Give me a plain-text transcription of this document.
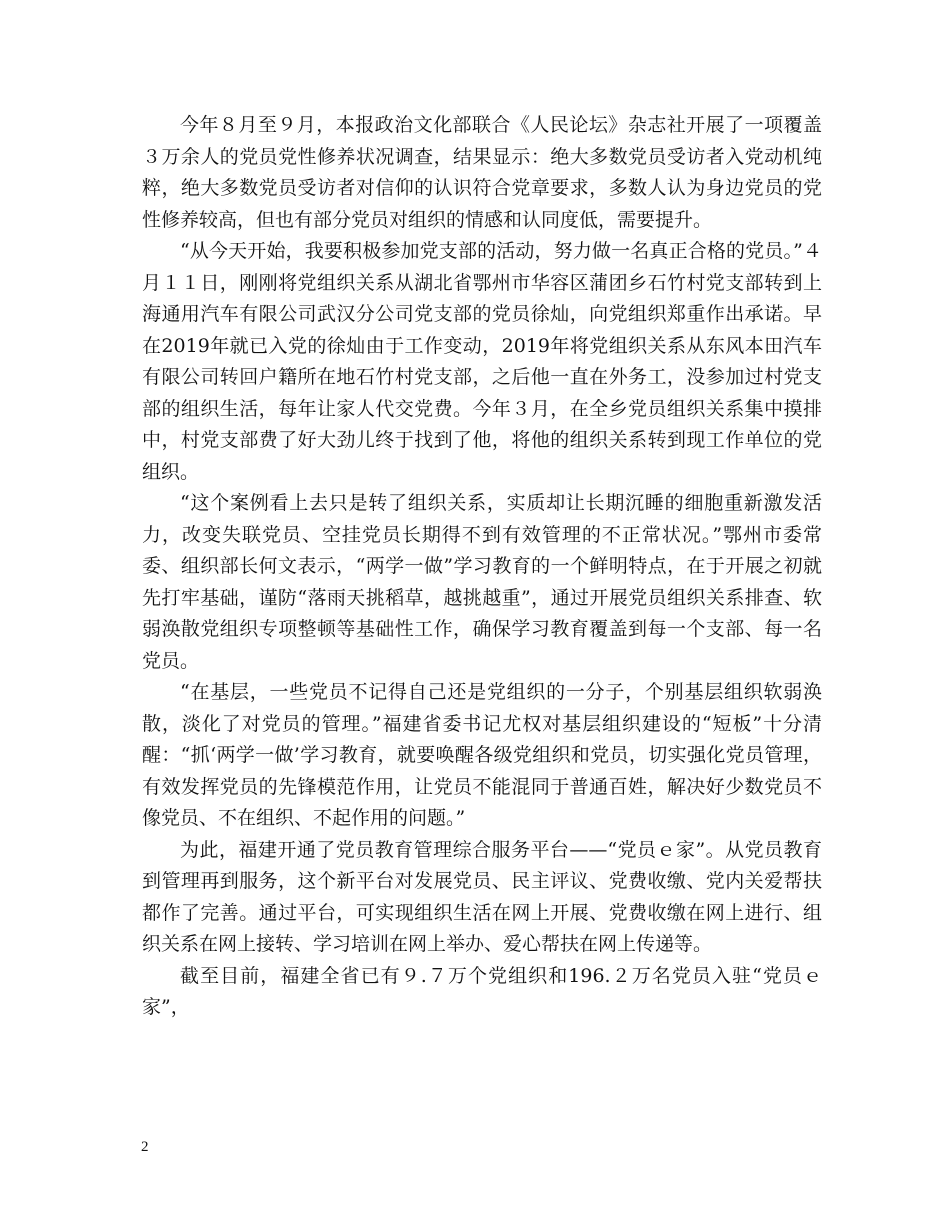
今年８月至９月，本报政治文化部联合《人民论坛》杂志社开展了一项覆盖３万余人的党员党性修养状况调查，结果显示：绝大多数党员受访者入党动机纯粹，绝大多数党员受访者对信仰的认识符合党章要求，多数人认为身边党员的党性修养较高，但也有部分党员对组织的情感和认同度低，需要提升。

“从今天开始，我要积极参加党支部的活动，努力做一名真正合格的党员。”４月１１日，刚刚将党组织关系从湖北省鄂州市华容区蒲团乡石竹村党支部转到上海通用汽车有限公司武汉分公司党支部的党员徐灿，向党组织郑重作出承诺。早在2019年就已入党的徐灿由于工作变动，2019年将党组织关系从东风本田汽车有限公司转回户籍所在地石竹村党支部，之后他一直在外务工，没参加过村党支部的组织生活，每年让家人代交党费。今年３月，在全乡党员组织关系集中摸排中，村党支部费了好大劲儿终于找到了他，将他的组织关系转到现工作单位的党组织。

“这个案例看上去只是转了组织关系，实质却让长期沉睡的细胞重新激发活力，改变失联党员、空挂党员长期得不到有效管理的不正常状况。”鄂州市委常委、组织部长何文表示，“两学一做”学习教育的一个鲜明特点，在于开展之初就先打牢基础，谨防“落雨天挑稻草，越挑越重”，通过开展党员组织关系排查、软弱涣散党组织专项整顿等基础性工作，确保学习教育覆盖到每一个支部、每一名党员。

“在基层，一些党员不记得自己还是党组织的一分子，个别基层组织软弱涣散，淡化了对党员的管理。”福建省委书记尤权对基层组织建设的“短板”十分清醒：“抓‘两学一做’学习教育，就要唤醒各级党组织和党员，切实强化党员管理，有效发挥党员的先锋模范作用，让党员不能混同于普通百姓，解决好少数党员不像党员、不在组织、不起作用的问题。”

为此，福建开通了党员教育管理综合服务平台——“党员ｅ家”。从党员教育到管理再到服务，这个新平台对发展党员、民主评议、党费收缴、党内关爱帮扶都作了完善。通过平台，可实现组织生活在网上开展、党费收缴在网上进行、组织关系在网上接转、学习培训在网上举办、爱心帮扶在网上传递等。

截至目前，福建全省已有９.７万个党组织和196.２万名党员入驻“党员ｅ家”，

2
